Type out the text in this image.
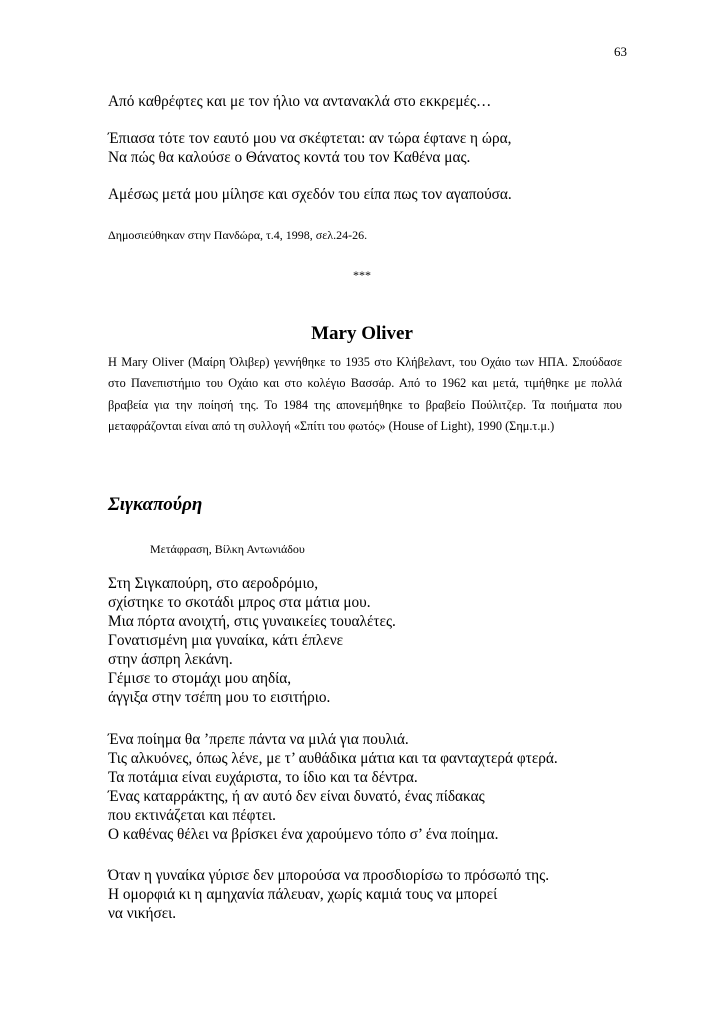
63
Από καθρέφτες και με τον ήλιο να αντανακλά στο εκκρεμές…
Έπιασα τότε τον εαυτό μου να σκέφτεται: αν τώρα έφτανε η ώρα,
Να πώς θα καλούσε ο Θάνατος κοντά του τον Καθένα μας.
Αμέσως μετά μου μίλησε και σχεδόν του είπα πως τον αγαπούσα.
Δημοσιεύθηκαν στην Πανδώρα, τ.4, 1998, σελ.24-26.
***
Mary Oliver
Η Mary Oliver (Μαίρη Όλιβερ) γεννήθηκε το 1935 στο Κλήβελαντ, του Οχάιο των ΗΠΑ. Σπούδασε στο Πανεπιστήμιο του Οχάιο και στο κολέγιο Βασσάρ. Από το 1962 και μετά, τιμήθηκε με πολλά βραβεία για την ποίησή της. Το 1984 της απονεμήθηκε το βραβείο Πούλιτζερ. Τα ποιήματα που μεταφράζονται είναι από τη συλλογή «Σπίτι του φωτός» (House of Light), 1990 (Σημ.τ.μ.)
Σιγκαπούρη
Μετάφραση, Βίλκη Αντωνιάδου
Στη Σιγκαπούρη, στο αεροδρόμιο,
σχίστηκε το σκοτάδι μπρος στα μάτια μου.
Μια πόρτα ανοιχτή, στις γυναικείες τουαλέτες.
Γονατισμένη μια γυναίκα, κάτι έπλενε
στην άσπρη λεκάνη.
Γέμισε το στομάχι μου αηδία,
άγγιξα στην τσέπη μου το εισιτήριο.
Ένα ποίημα θα ’πρεπε πάντα να μιλά για πουλιά.
Τις αλκυόνες, όπως λένε, με τ’ αυθάδικα μάτια και τα φανταχτερά φτερά.
Τα ποτάμια είναι ευχάριστα, το ίδιο και τα δέντρα.
Ένας καταρράκτης, ή αν αυτό δεν είναι δυνατό, ένας πίδακας
που εκτινάζεται και πέφτει.
Ο καθένας θέλει να βρίσκει ένα χαρούμενο τόπο σ’ ένα ποίημα.
Όταν η γυναίκα γύρισε δεν μπορούσα να προσδιορίσω το πρόσωπό της.
Η ομορφιά κι η αμηχανία πάλευαν, χωρίς καμιά τους να μπορεί
να νικήσει.
